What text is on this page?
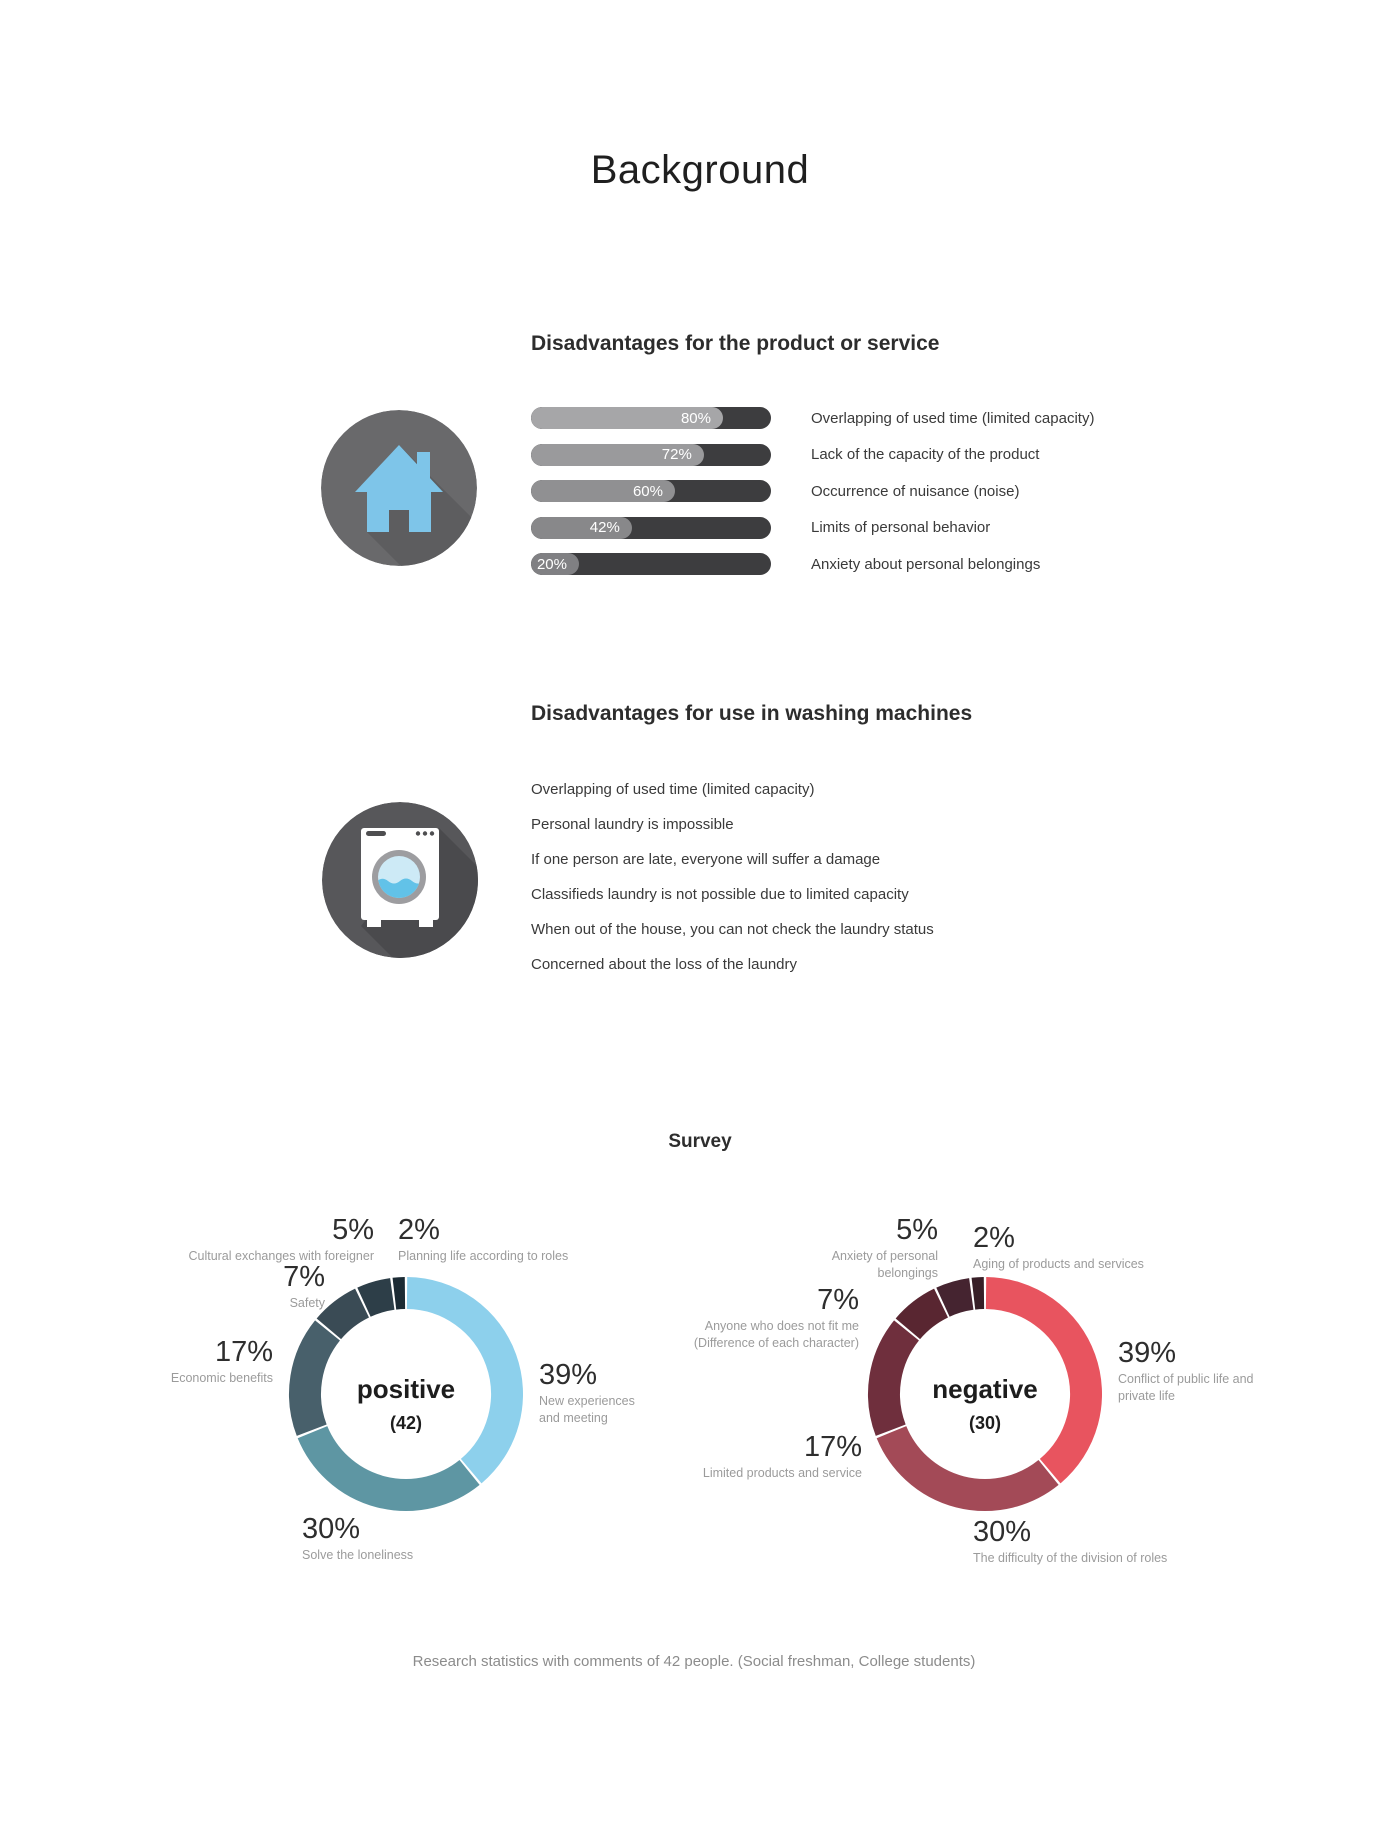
Background
Disadvantages for the product or service
80%	Overlapping of used time (limited capacity)
72%	Lack of the capacity of the product
60%	Occurrence of nuisance (noise)
42%	Limits of personal behavior
20%	Anxiety about personal belongings
Disadvantages for use in washing machines
Overlapping of used time (limited capacity)
Personal laundry is impossible
If one person are late, everyone will suffer a damage
Classifieds laundry is not possible due to limited capacity
When out of the house, you can not check the laundry status
Concerned about the loss of the laundry
Survey
positive
(42)
negative
(30)
39%
New experiences and meeting
30%
Solve the loneliness
17%
Economic benefits
7%
Safety
5%
Cultural exchanges with foreigner
2%
Planning life according to roles
39%
Conflict of public life and private life
30%
The difficulty of the division of roles
17%
Limited products and service
7%
Anyone who does not fit me (Difference of each character)
5%
Anxiety of personal belongings
2%
Aging of products and services
Research statistics with comments of 42 people. (Social freshman, College students)
